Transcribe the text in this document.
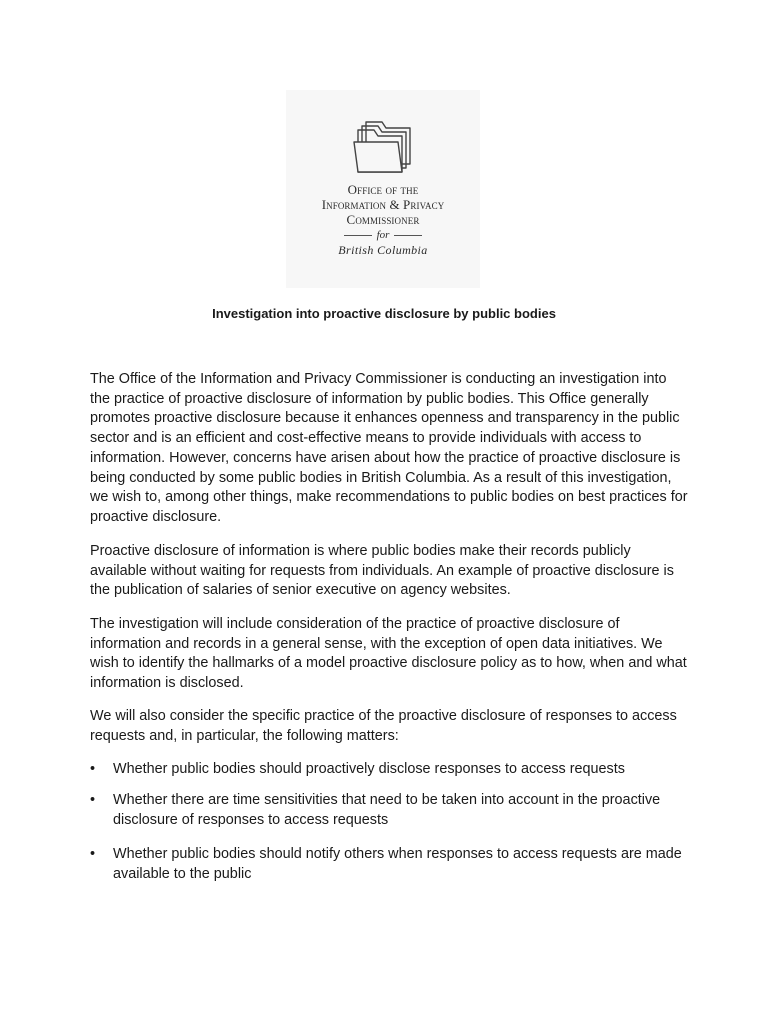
Office of the
Information & Privacy
Commissioner
for
British Columbia
Investigation into proactive disclosure by public bodies

The Office of the Information and Privacy Commissioner is conducting an investigation into the practice of proactive disclosure of information by public bodies. This Office generally promotes proactive disclosure because it enhances openness and transparency in the public sector and is an efficient and cost-effective means to provide individuals with access to information. However, concerns have arisen about how the practice of proactive disclosure is being conducted by some public bodies in British Columbia. As a result of this investigation, we wish to, among other things, make recommendations to public bodies on best practices for proactive disclosure.

Proactive disclosure of information is where public bodies make their records publicly available without waiting for requests from individuals. An example of proactive disclosure is the publication of salaries of senior executive on agency websites.

The investigation will include consideration of the practice of proactive disclosure of information and records in a general sense, with the exception of open data initiatives. We wish to identify the hallmarks of a model proactive disclosure policy as to how, when and what information is disclosed.

We will also consider the specific practice of the proactive disclosure of responses to access requests and, in particular, the following matters:

• Whether public bodies should proactively disclose responses to access requests
• Whether there are time sensitivities that need to be taken into account in the proactive disclosure of responses to access requests
• Whether public bodies should notify others when responses to access requests are made available to the public
